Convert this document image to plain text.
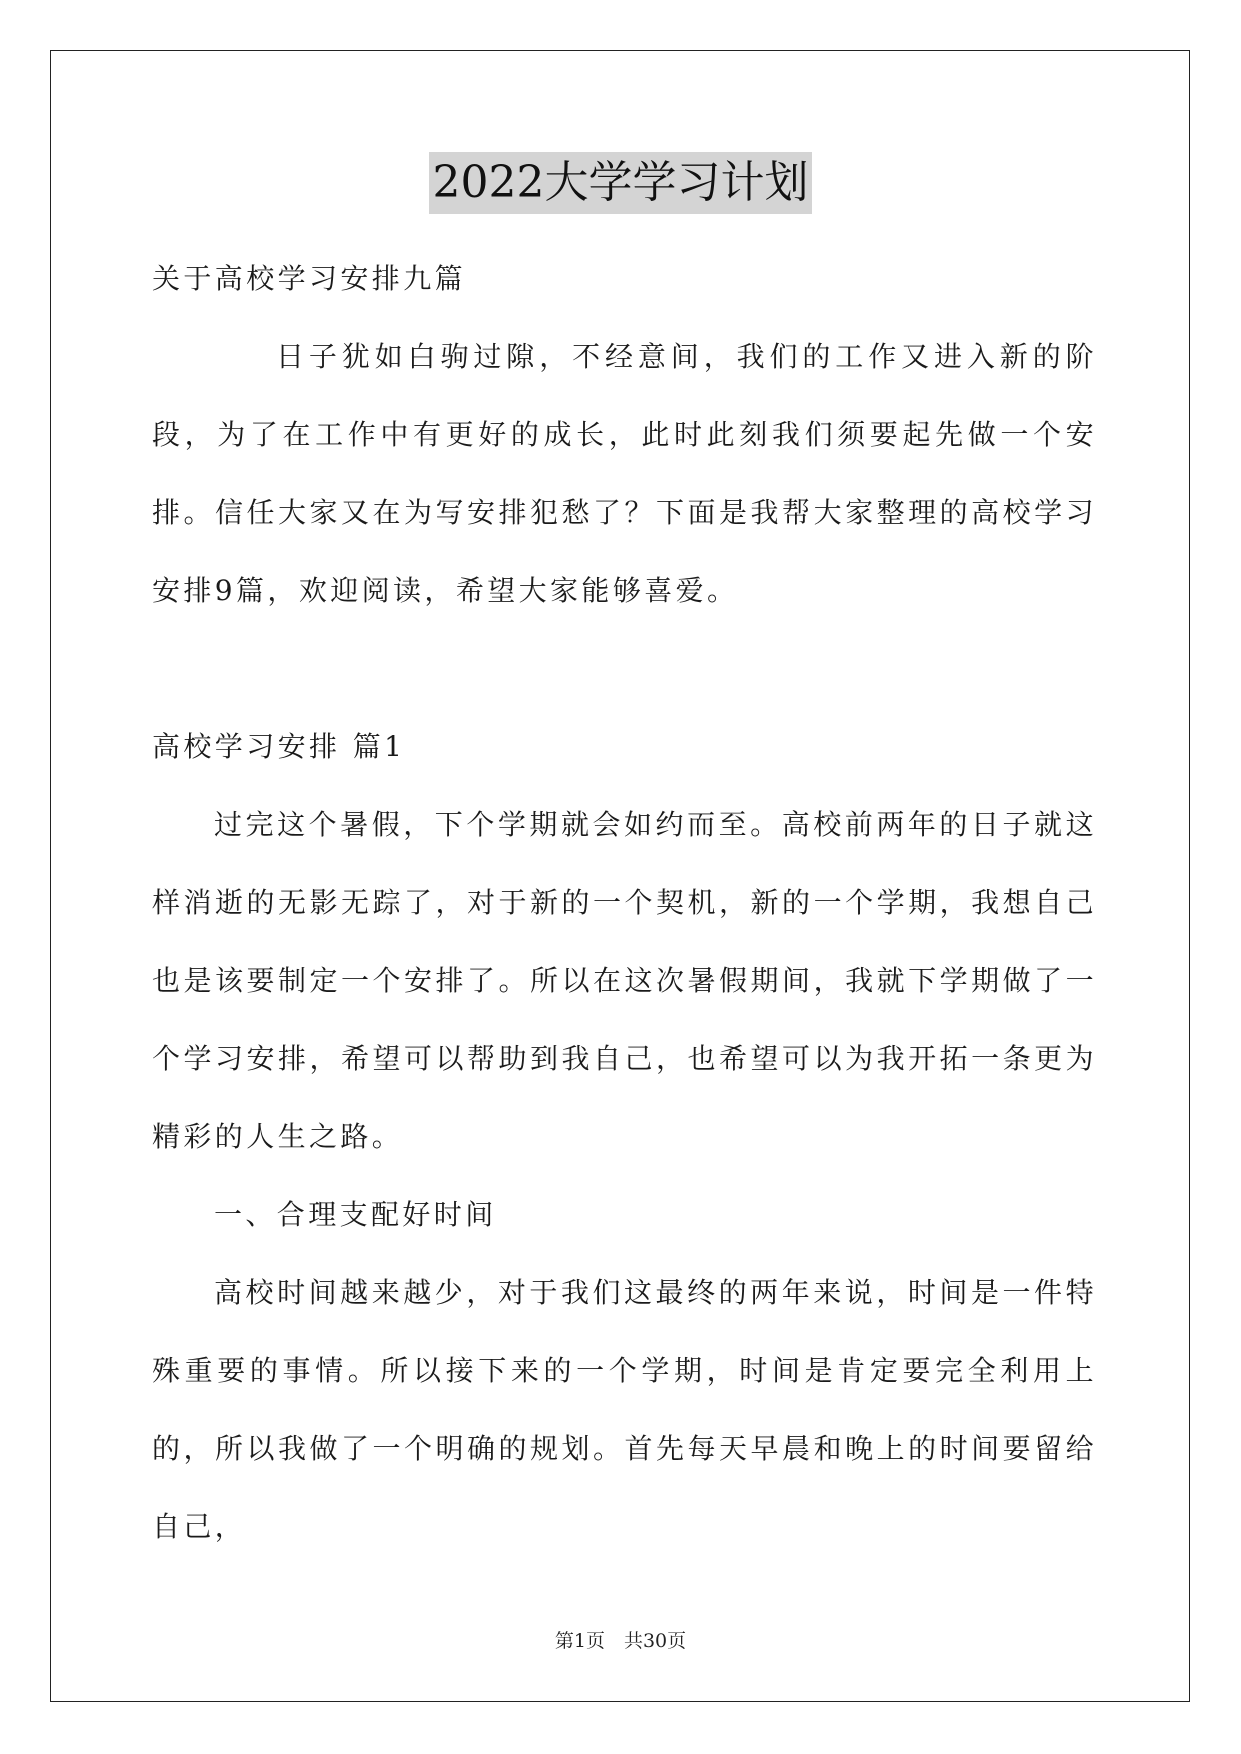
2022大学学习计划

关于高校学习安排九篇

日子犹如白驹过隙，不经意间，我们的工作又进入新的阶段，为了在工作中有更好的成长，此时此刻我们须要起先做一个安排。信任大家又在为写安排犯愁了？下面是我帮大家整理的高校学习安排9篇，欢迎阅读，希望大家能够喜爱。

高校学习安排 篇1

过完这个暑假，下个学期就会如约而至。高校前两年的日子就这样消逝的无影无踪了，对于新的一个契机，新的一个学期，我想自己也是该要制定一个安排了。所以在这次暑假期间，我就下学期做了一个学习安排，希望可以帮助到我自己，也希望可以为我开拓一条更为精彩的人生之路。

一、合理支配好时间

高校时间越来越少，对于我们这最终的两年来说，时间是一件特殊重要的事情。所以接下来的一个学期，时间是肯定要完全利用上的，所以我做了一个明确的规划。首先每天早晨和晚上的时间要留给自己，

第1页　共30页
